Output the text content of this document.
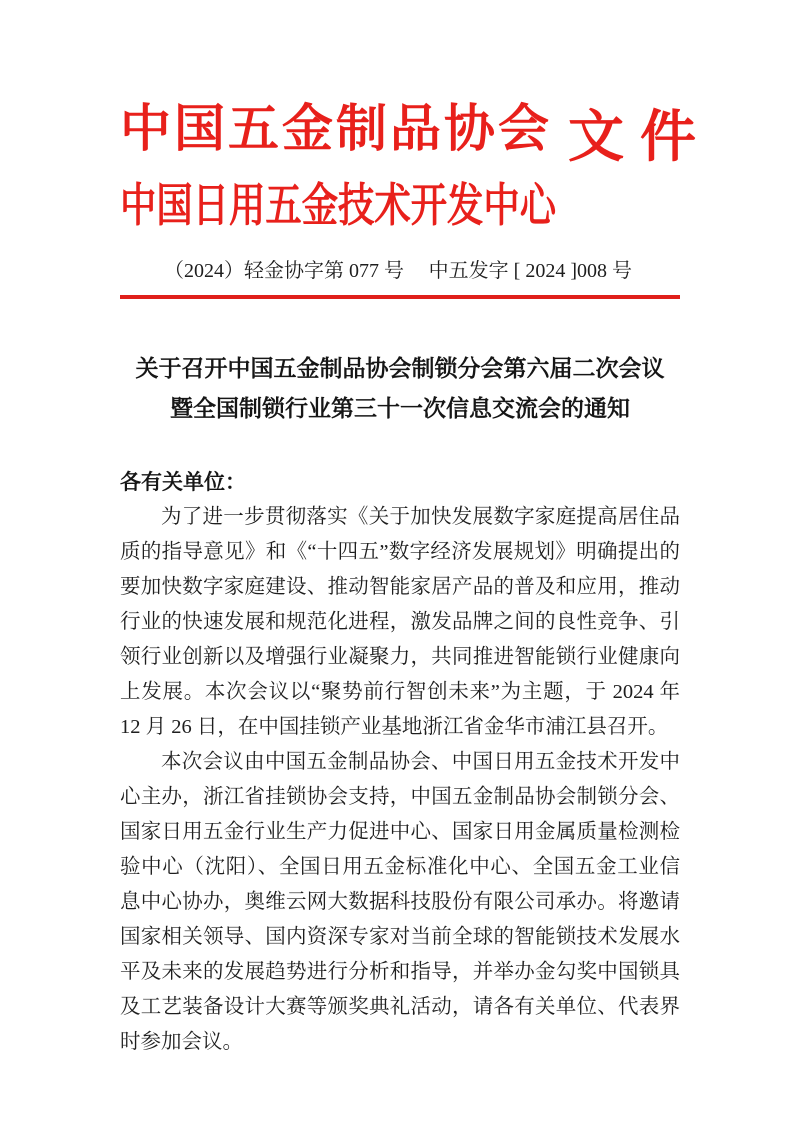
中国五金制品协会 文件
中国日用五金技术开发中心
（2024）轻金协字第 077 号 中五发字 [ 2024 ]008 号
关于召开中国五金制品协会制锁分会第六届二次会议
暨全国制锁行业第三十一次信息交流会的通知

各有关单位：

为了进一步贯彻落实《关于加快发展数字家庭提高居住品质的指导意见》和《“十四五”数字经济发展规划》明确提出的要加快数字家庭建设、推动智能家居产品的普及和应用，推动行业的快速发展和规范化进程，激发品牌之间的良性竞争、引领行业创新以及增强行业凝聚力，共同推进智能锁行业健康向上发展。本次会议以“聚势前行智创未来”为主题，于 2024 年 12 月 26 日，在中国挂锁产业基地浙江省金华市浦江县召开。

本次会议由中国五金制品协会、中国日用五金技术开发中心主办，浙江省挂锁协会支持，中国五金制品协会制锁分会、国家日用五金行业生产力促进中心、国家日用金属质量检测检验中心（沈阳）、全国日用五金标准化中心、全国五金工业信息中心协办，奥维云网大数据科技股份有限公司承办。将邀请国家相关领导、国内资深专家对当前全球的智能锁技术发展水平及未来的发展趋势进行分析和指导，并举办金勾奖中国锁具及工艺装备设计大赛等颁奖典礼活动，请各有关单位、代表界时参加会议。
